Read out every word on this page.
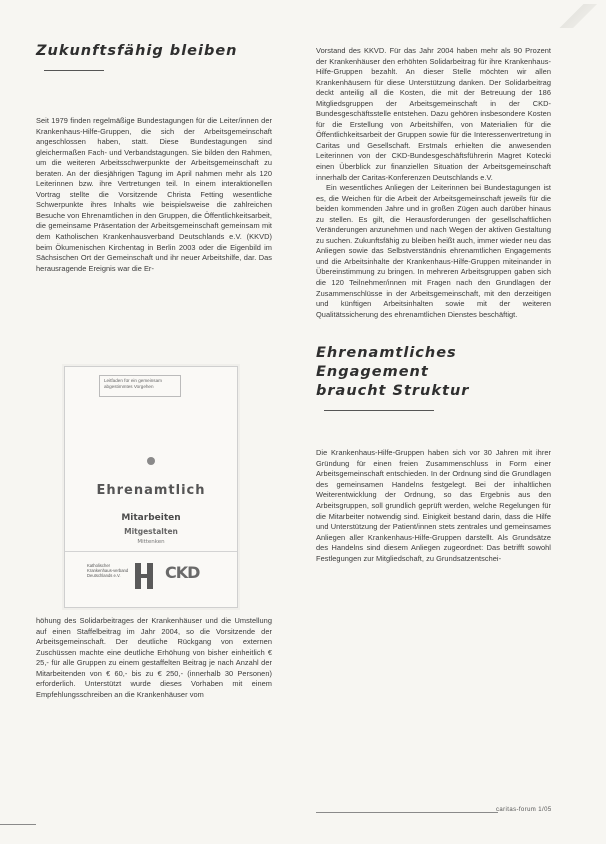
Zukunftsfähig bleiben

Seit 1979 finden regelmäßige Bundestagungen für die Leiter/innen der Krankenhaus-Hilfe-Gruppen, die sich der Arbeitsgemeinschaft angeschlossen haben, statt. Diese Bundestagungen sind gleichermaßen Fach- und Verbandstagungen. Sie bilden den Rahmen, um die weiteren Arbeitsschwerpunkte der Arbeitsgemeinschaft zu beraten. An der diesjährigen Tagung im April nahmen mehr als 120 Leiterinnen bzw. ihre Vertretungen teil. In einem interaktionellen Vortrag stellte die Vorsitzende Christa Fetting wesentliche Schwerpunkte ihres Inhalts wie beispielsweise die zahlreichen Besuche von Ehrenamtlichen in den Gruppen, die Öffentlichkeitsarbeit, die gemeinsame Präsentation der Arbeitsgemeinschaft gemeinsam mit dem Katholischen Krankenhausverband Deutschlands e.V. (KKVD) beim Ökumenischen Kirchentag in Berlin 2003 oder die Eigenbild im Sächsischen Ort der Gemeinschaft und ihr neuer Arbeitshilfe, dar. Das herausragende Ereignis war die Er-

Leitfaden für ein gemeinsam
abgestimmtes Vorgehen
Ehrenamtlich
Mitarbeiten
Mitgestalten
Mittenken
Katholischer Krankenhaus-verband Deutschlands e.V.	CKD

höhung des Solidarbeitrages der Krankenhäuser und die Umstellung auf einen Staffelbeitrag im Jahr 2004, so die Vorsitzende der Arbeitsgemeinschaft. Der deutliche Rückgang von externen Zuschüssen machte eine deutliche Erhöhung von bisher einheitlich € 25,- für alle Gruppen zu einem gestaffelten Beitrag je nach Anzahl der Mitarbeitenden von € 60,- bis zu € 250,- (innerhalb 30 Personen) erforderlich. Unterstützt wurde dieses Vorhaben mit einem Empfehlungsschreiben an die Krankenhäuser vom

Vorstand des KKVD. Für das Jahr 2004 haben mehr als 90 Prozent der Krankenhäuser den erhöhten Solidarbeitrag für ihre Krankenhaus-Hilfe-Gruppen bezahlt. An dieser Stelle möchten wir allen Krankenhäusern für diese Unterstützung danken. Der Solidarbeitrag deckt anteilig all die Kosten, die mit der Betreuung der 186 Mitgliedsgruppen der Arbeitsgemeinschaft in der CKD-Bundesgeschäftsstelle entstehen. Dazu gehören insbesondere Kosten für die Erstellung von Arbeitshilfen, von Materialien für die Öffentlichkeitsarbeit der Gruppen sowie für die Interessenvertretung in Caritas und Gesellschaft. Erstmals erhielten die anwesenden Leiterinnen von der CKD-Bundesgeschäftsführerin Magret Kotecki einen Überblick zur finanziellen Situation der Arbeitsgemeinschaft innerhalb der Caritas-Konferenzen Deutschlands e.V.

Ein wesentliches Anliegen der Leiterinnen bei Bundestagungen ist es, die Weichen für die Arbeit der Arbeitsgemeinschaft jeweils für die beiden kommenden Jahre und in großen Zügen auch darüber hinaus zu stellen. Es gilt, die Herausforderungen der gesellschaftlichen Veränderungen anzunehmen und nach Wegen der aktiven Gestaltung zu suchen. Zukunftsfähig zu bleiben heißt auch, immer wieder neu das Anliegen sowie das Selbstverständnis ehrenamtlichen Engagements und die Arbeitsinhalte der Krankenhaus-Hilfe-Gruppen miteinander in Übereinstimmung zu bringen. In mehreren Arbeitsgruppen gaben sich die 120 Teilnehmer/innen mit Fragen nach den Grundlagen der Zusammenschlüsse in der Arbeitsgemeinschaft, mit den derzeitigen und künftigen Arbeitsinhalten sowie mit der weiteren Qualitätssicherung des ehrenamtlichen Dienstes beschäftigt.

Ehrenamtliches Engagement
braucht Struktur

Die Krankenhaus-Hilfe-Gruppen haben sich vor 30 Jahren mit ihrer Gründung für einen freien Zusammenschluss in Form einer Arbeitsgemeinschaft entschieden. In der Ordnung sind die Grundlagen des gemeinsamen Handelns festgelegt. Bei der inhaltlichen Weiterentwicklung der Ordnung, so das Ergebnis aus den Arbeitsgruppen, soll grundlich geprüft werden, welche Regelungen für die Mitarbeiter notwendig sind. Einigkeit bestand darin, dass die Hilfe und Unterstützung der Patient/innen stets zentrales und gemeinsames Anliegen aller Krankenhaus-Hilfe-Gruppen darstellt. Als Grundsätze des Handelns sind diesem Anliegen zugeordnet: Das betrifft sowohl Festlegungen zur Mitgliedschaft, zu Grundsatzentschei-

caritas-forum 1/05
